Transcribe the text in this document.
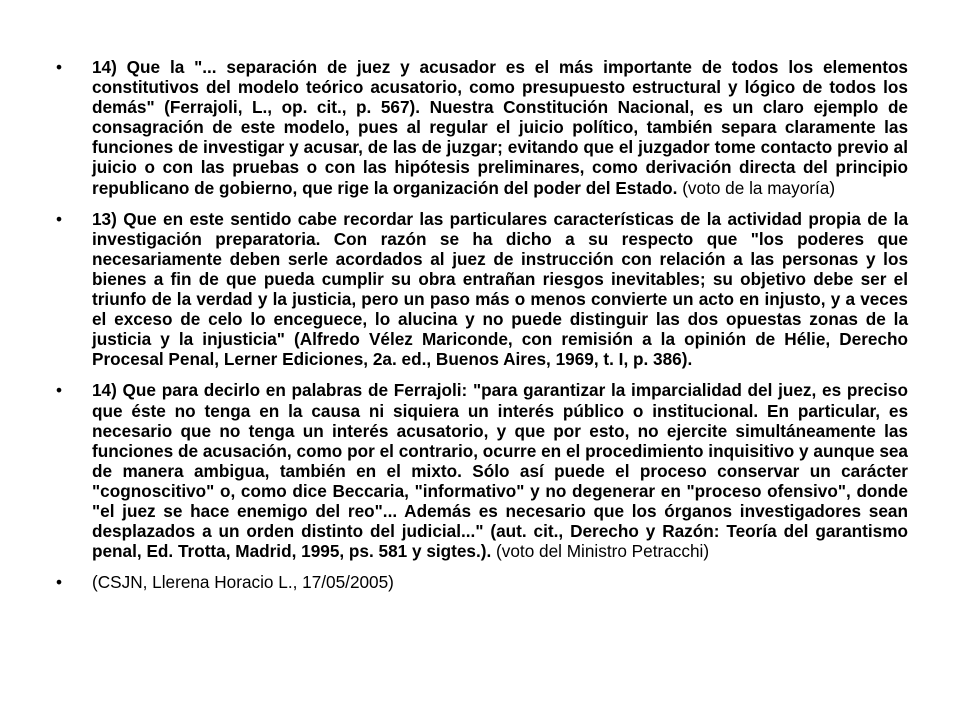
• 14) Que la "... separación de juez y acusador es el más importante de todos los elementos constitutivos del modelo teórico acusatorio, como presupuesto estructural y lógico de todos los demás" (Ferrajoli, L., op. cit., p. 567). Nuestra Constitución Nacional, es un claro ejemplo de consagración de este modelo, pues al regular el juicio político, también separa claramente las funciones de investigar y acusar, de las de juzgar; evitando que el juzgador tome contacto previo al juicio o con las pruebas o con las hipótesis preliminares, como derivación directa del principio republicano de gobierno, que rige la organización del poder del Estado. (voto de la mayoría)
• 13) Que en este sentido cabe recordar las particulares características de la actividad propia de la investigación preparatoria. Con razón se ha dicho a su respecto que "los poderes que necesariamente deben serle acordados al juez de instrucción con relación a las personas y los bienes a fin de que pueda cumplir su obra entrañan riesgos inevitables; su objetivo debe ser el triunfo de la verdad y la justicia, pero un paso más o menos convierte un acto en injusto, y a veces el exceso de celo lo enceguece, lo alucina y no puede distinguir las dos opuestas zonas de la justicia y la injusticia" (Alfredo Vélez Mariconde, con remisión a la opinión de Hélie, Derecho Procesal Penal, Lerner Ediciones, 2a. ed., Buenos Aires, 1969, t. I, p. 386).
• 14) Que para decirlo en palabras de Ferrajoli: "para garantizar la imparcialidad del juez, es preciso que éste no tenga en la causa ni siquiera un interés público o institucional. En particular, es necesario que no tenga un interés acusatorio, y que por esto, no ejercite simultáneamente las funciones de acusación, como por el contrario, ocurre en el procedimiento inquisitivo y aunque sea de manera ambigua, también en el mixto. Sólo así puede el proceso conservar un carácter "cognoscitivo" o, como dice Beccaria, "informativo" y no degenerar en "proceso ofensivo", donde "el juez se hace enemigo del reo"... Además es necesario que los órganos investigadores sean desplazados a un orden distinto del judicial..." (aut. cit., Derecho y Razón: Teoría del garantismo penal, Ed. Trotta, Madrid, 1995, ps. 581 y sigtes.). (voto del Ministro Petracchi)
• (CSJN, Llerena Horacio L., 17/05/2005)
